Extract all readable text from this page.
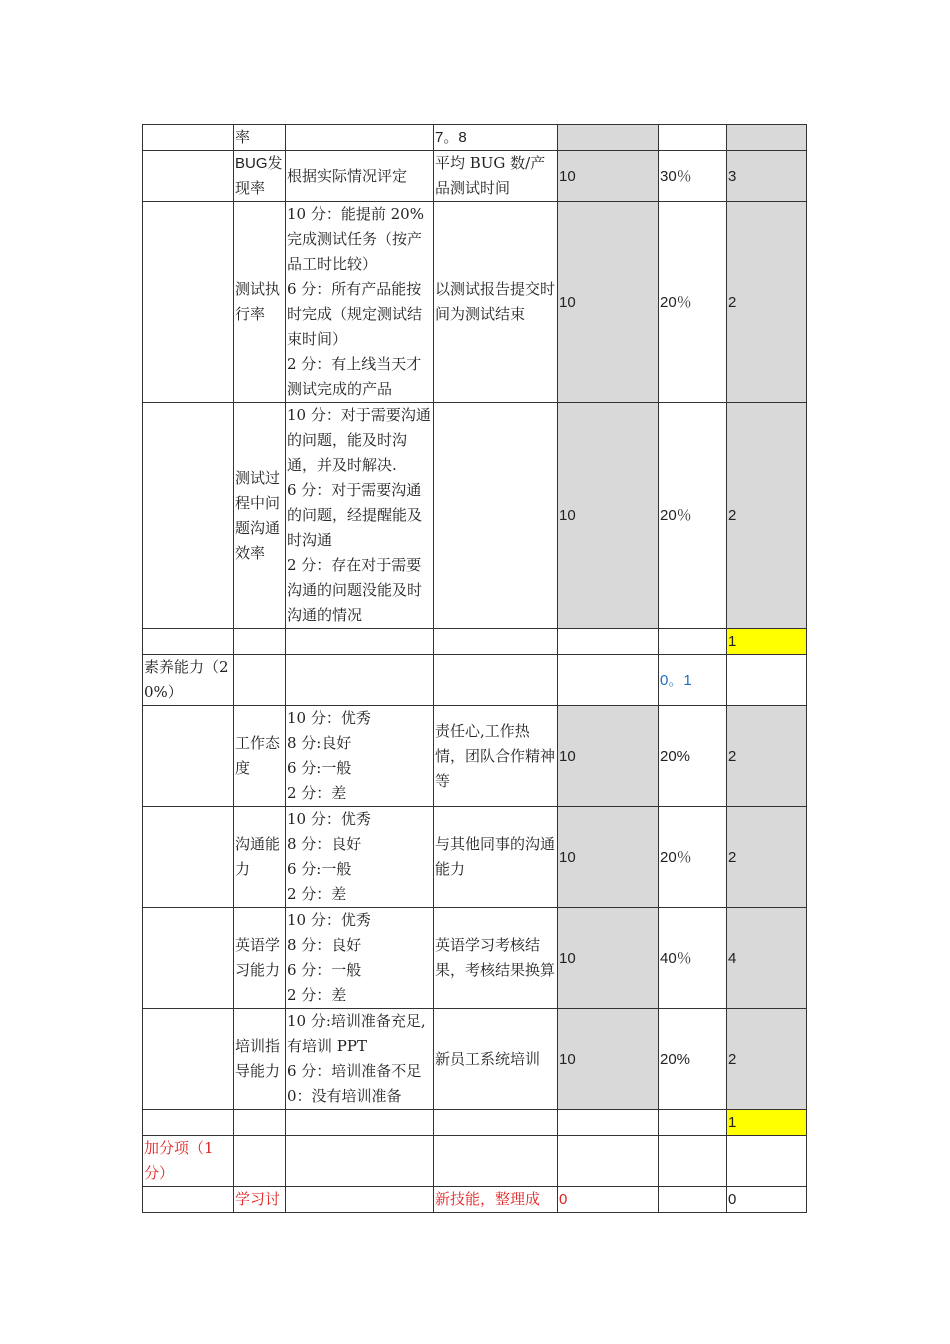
	率		7。8			
	BUG发现率	根据实际情况评定	平均 BUG 数/产品测试时间	10	30％	3
	测试执行率	10 分：能提前 20%完成测试任务（按产品工时比较）
6 分：所有产品能按时完成（规定测试结束时间）
2 分：有上线当天才测试完成的产品	以测试报告提交时间为测试结束	10	20％	2
	测试过程中问题沟通效率	10 分：对于需要沟通的问题，能及时沟通，并及时解决.
6 分：对于需要沟通的问题，经提醒能及时沟通
2 分：存在对于需要沟通的问题没能及时沟通的情况		10	20％	2
						1
素养能力（20%）					0。1	
	工作态度	10 分：优秀
8 分:良好
6 分:一般
2 分：差	责任心,工作热情，团队合作精神等	10	20%	2
	沟通能力	10 分：优秀
8 分：良好
6 分:一般
2 分：差	与其他同事的沟通能力	10	20％	2
	英语学习能力	10 分：优秀
8 分：良好
6 分：一般
2 分：差	英语学习考核结果，考核结果换算	10	40％	4
	培训指导能力	10 分:培训准备充足,有培训 PPT
6 分：培训准备不足
0：没有培训准备	新员工系统培训	10	20%	2
						1
加分项（1分）						
	学习讨		新技能，整理成	0		0
